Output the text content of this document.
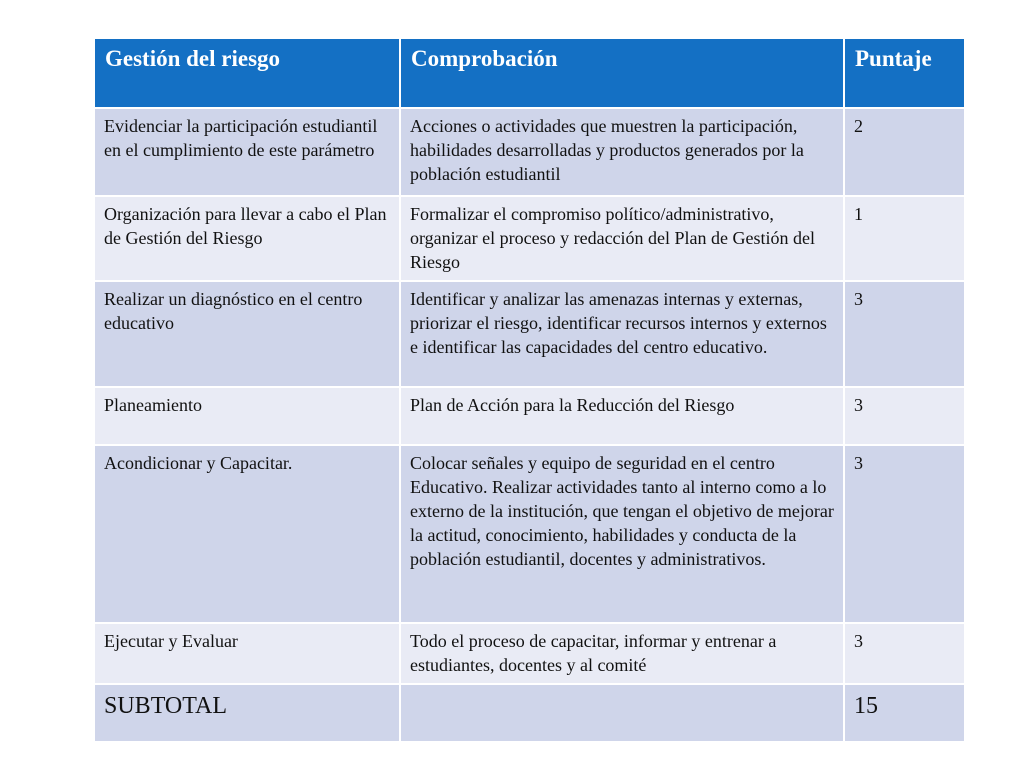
Gestión del riesgo	Comprobación	Puntaje
Evidenciar la participación estudiantil en el cumplimiento de este parámetro	Acciones o actividades que muestren la participación, habilidades desarrolladas y productos generados por la población estudiantil	2
Organización para llevar a cabo el Plan de Gestión del Riesgo	Formalizar el compromiso político/administrativo, organizar el proceso y redacción del Plan de Gestión del Riesgo	1
Realizar un diagnóstico en el centro educativo	Identificar y analizar las amenazas internas y externas, priorizar el riesgo, identificar recursos internos y externos e identificar las capacidades del centro educativo.	3
Planeamiento	Plan de Acción para la Reducción del Riesgo	3
Acondicionar y Capacitar.	Colocar señales y equipo de seguridad en el centro Educativo. Realizar actividades tanto al interno como a lo externo de la institución, que tengan el objetivo de mejorar la actitud, conocimiento, habilidades y conducta de la población estudiantil, docentes y administrativos.	3
Ejecutar y Evaluar	Todo el proceso de capacitar, informar y entrenar a estudiantes, docentes y al comité	3
SUBTOTAL		15
